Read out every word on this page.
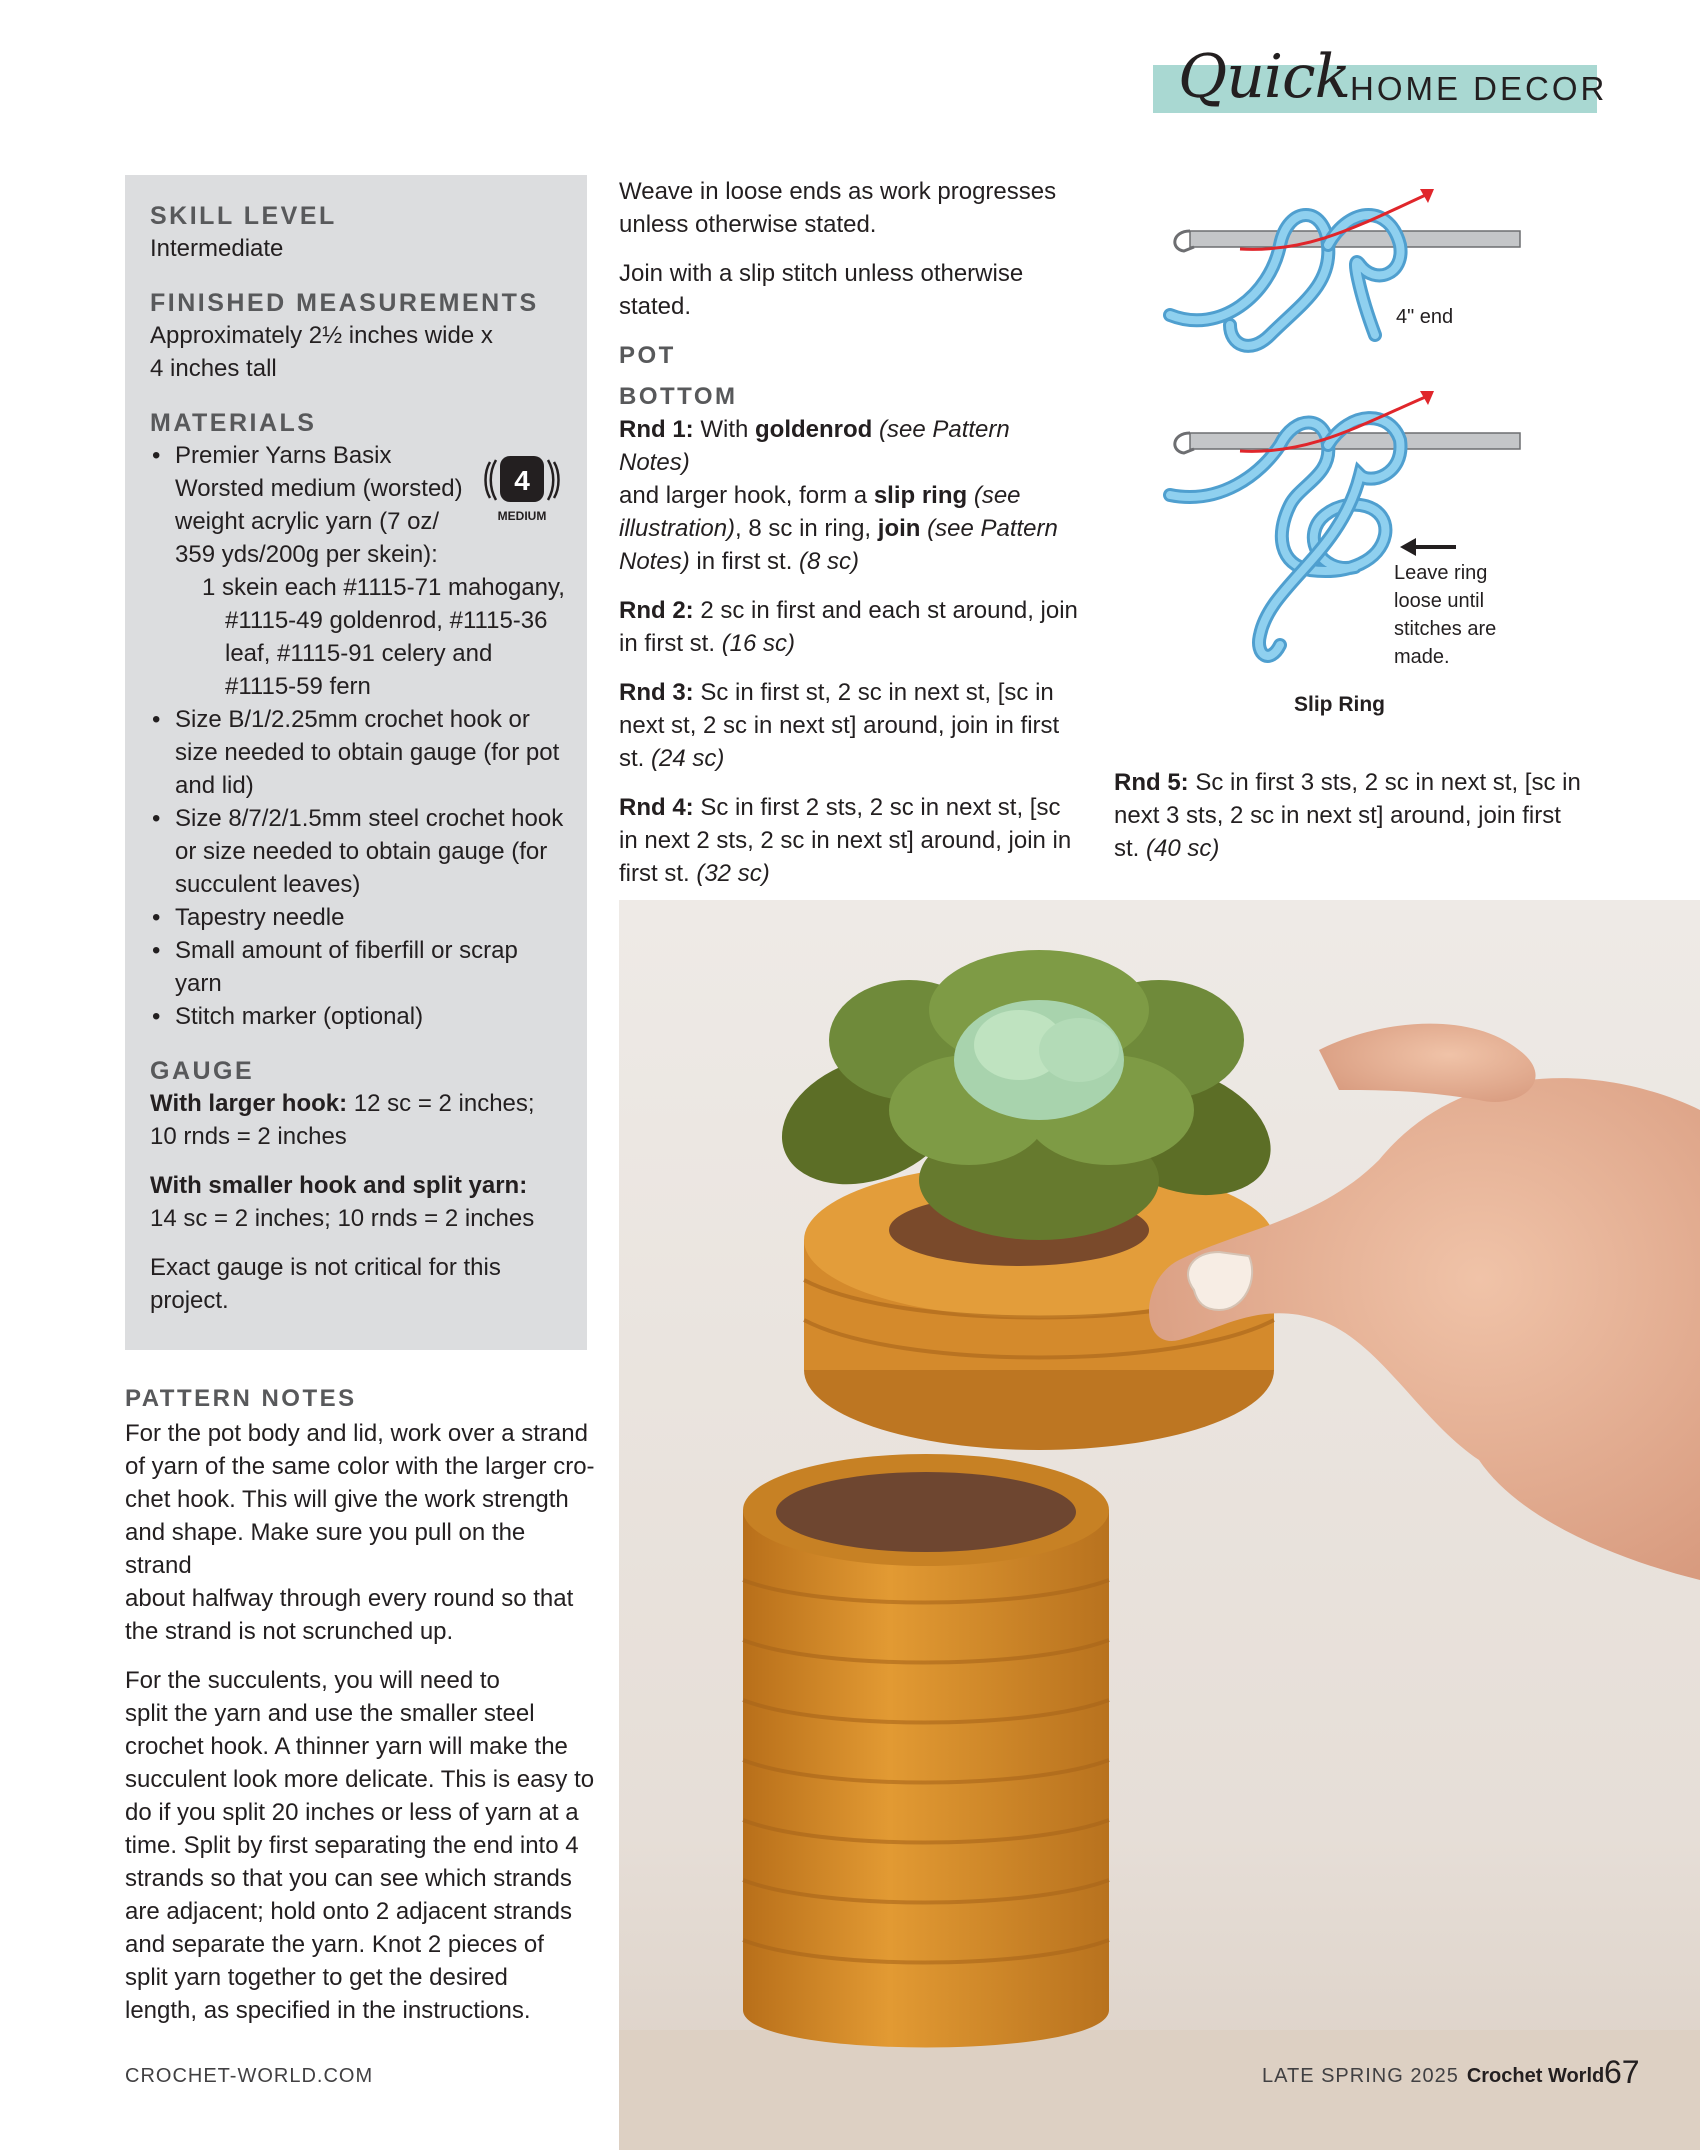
Quick HOME DECOR

SKILL LEVEL

Intermediate

FINISHED MEASUREMENTS

Approximately 2½ inches wide x

4 inches tall

MATERIALS

• Premier Yarns Basix
Worsted medium (worsted)
weight acrylic yarn (7 oz/
359 yds/200g per skein):
1 skein each #1115-71 mahogany,
#1115-49 goldenrod, #1115-36
leaf, #1115-91 celery and
#1115-59 fern
• Size B/1/2.25mm crochet hook or
size needed to obtain gauge (for pot
and lid)
• Size 8/7/2/1.5mm steel crochet hook
or size needed to obtain gauge (for
succulent leaves)
• Tapestry needle
• Small amount of fiberfill or scrap yarn
• Stitch marker (optional)

GAUGE

With larger hook: 12 sc = 2 inches;

10 rnds = 2 inches

With smaller hook and split yarn:

14 sc = 2 inches; 10 rnds = 2 inches

Exact gauge is not critical for this

project.

4
MEDIUM

PATTERN NOTES

For the pot body and lid, work over a strand
of yarn of the same color with the larger cro-
chet hook. This will give the work strength
and shape. Make sure you pull on the strand
about halfway through every round so that
the strand is not scrunched up.

For the succulents, you will need to
split the yarn and use the smaller steel
crochet hook. A thinner yarn will make the
succulent look more delicate. This is easy to
do if you split 20 inches or less of yarn at a
time. Split by first separating the end into 4
strands so that you can see which strands
are adjacent; hold onto 2 adjacent strands
and separate the yarn. Knot 2 pieces of
split yarn together to get the desired
length, as specified in the instructions.

Weave in loose ends as work progresses
unless otherwise stated.

Join with a slip stitch unless otherwise
stated.

POT

BOTTOM

Rnd 1: With goldenrod (see Pattern Notes)
and larger hook, form a slip ring (see
illustration), 8 sc in ring, join (see Pattern
Notes) in first st. (8 sc)

Rnd 2: 2 sc in first and each st around, join
in first st. (16 sc)

Rnd 3: Sc in first st, 2 sc in next st, [sc in
next st, 2 sc in next st] around, join in first
st. (24 sc)

Rnd 4: Sc in first 2 sts, 2 sc in next st, [sc
in next 2 sts, 2 sc in next st] around, join in
first st. (32 sc)

Rnd 5: Sc in first 3 sts, 2 sc in next st, [sc in
next 3 sts, 2 sc in next st] around, join first
st. (40 sc)

4" end
Leave ring
loose until
stitches are
made.
Slip Ring
CROCHET-WORLD.COM	LATE SPRING 2025 Crochet World 67
